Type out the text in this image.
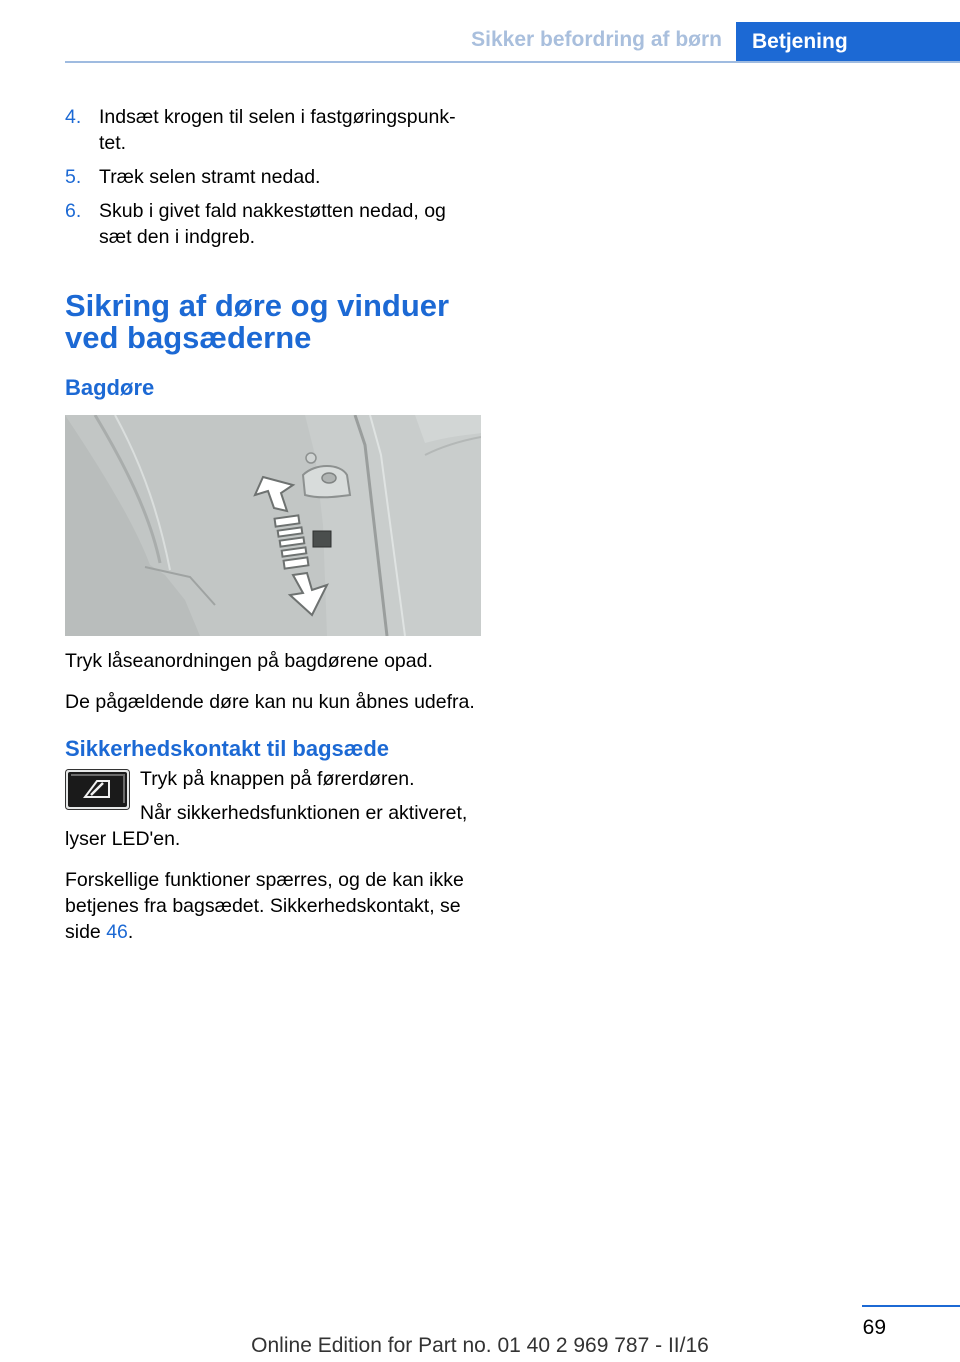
Sikker befordring af børn	Betjening
4. Indsæt krogen til selen i fastgøringspunk-tet.
5. Træk selen stramt nedad.
6. Skub i givet fald nakkestøtten nedad, og sæt den i indgreb.
Sikring af døre og vinduer ved bagsæderne
Bagdøre

Tryk låseanordningen på bagdørene opad.

De pågældende døre kan nu kun åbnes udefra.

Sikkerhedskontakt til bagsæde

Tryk på knappen på førerdøren.

Når sikkerhedsfunktionen er aktiveret, lyser LED'en.

Forskellige funktioner spærres, og de kan ikke betjenes fra bagsædet. Sikkerhedskontakt, se side 46.

69
Online Edition for Part no. 01 40 2 969 787 - II/16
